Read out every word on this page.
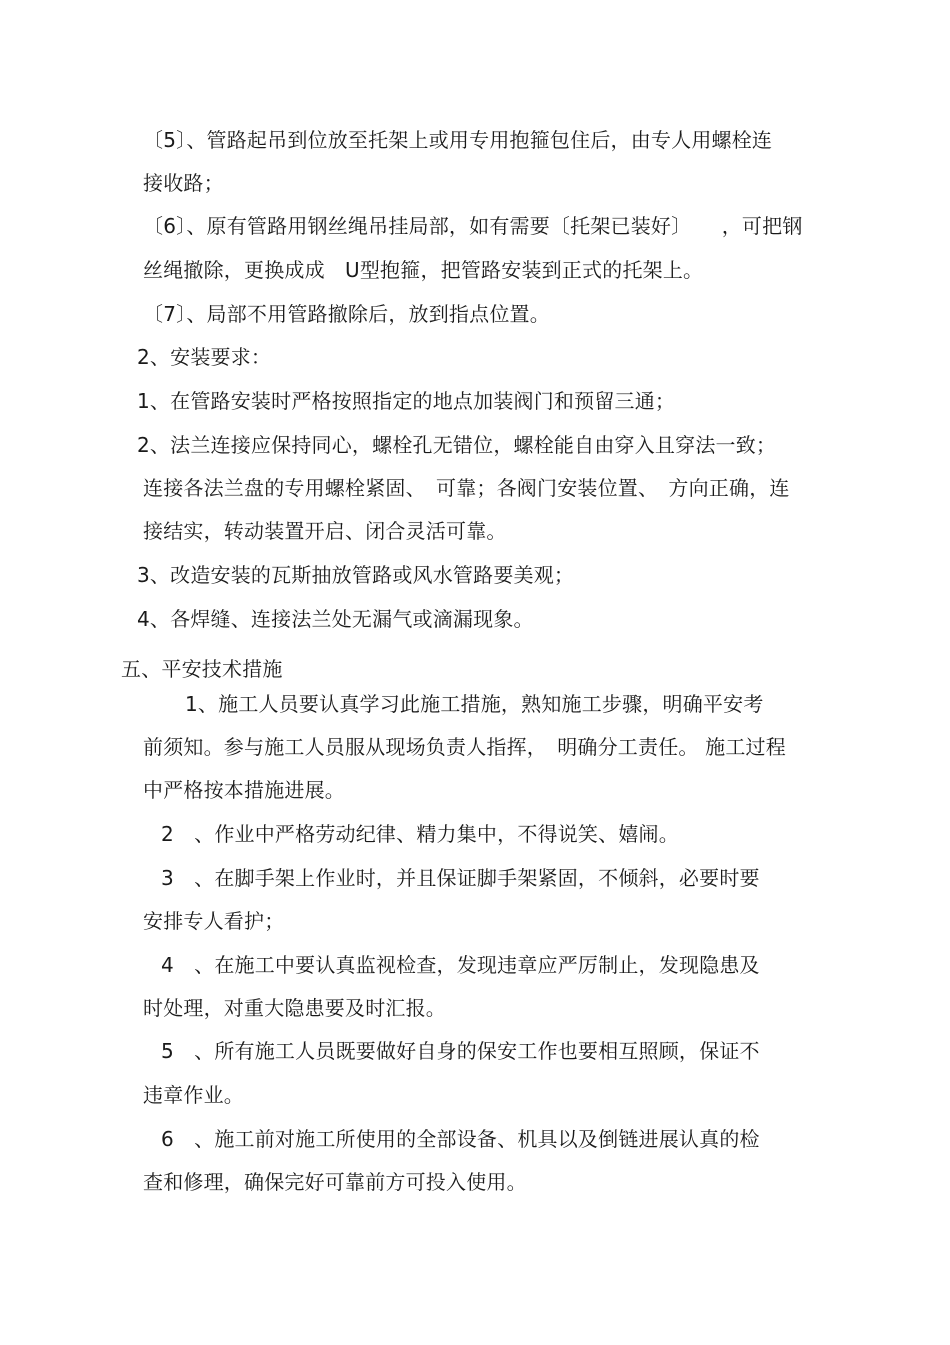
〔5〕、管路起吊到位放至托架上或用专用抱箍包住后，由专人用螺栓连
接收路；
〔6〕、原有管路用钢丝绳吊挂局部，如有需要〔托架已装好〕　　，可把钢
丝绳撤除，更换成成　U型抱箍，把管路安装到正式的托架上。
〔7〕、局部不用管路撤除后，放到指点位置。
2、安装要求：
1、在管路安装时严格按照指定的地点加装阀门和预留三通；
2、法兰连接应保持同心，螺栓孔无错位，螺栓能自由穿入且穿法一致；
连接各法兰盘的专用螺栓紧固、　可靠；各阀门安装位置、　方向正确，连
接结实，转动装置开启、闭合灵活可靠。
3、改造安装的瓦斯抽放管路或风水管路要美观；
4、各焊缝、连接法兰处无漏气或滴漏现象。
五、平安技术措施
1、施工人员要认真学习此施工措施，熟知施工步骤，明确平安考
前须知。参与施工人员服从现场负责人指挥，　明确分工责任。 施工过程
中严格按本措施进展。
2　、作业中严格劳动纪律、精力集中，不得说笑、嬉闹。
3　、在脚手架上作业时，并且保证脚手架紧固，不倾斜，必要时要
安排专人看护；
4　、在施工中要认真监视检查，发现违章应严厉制止，发现隐患及
时处理，对重大隐患要及时汇报。
5　、所有施工人员既要做好自身的保安工作也要相互照顾，保证不
违章作业。
6　、施工前对施工所使用的全部设备、机具以及倒链进展认真的检
查和修理，确保完好可靠前方可投入使用。
